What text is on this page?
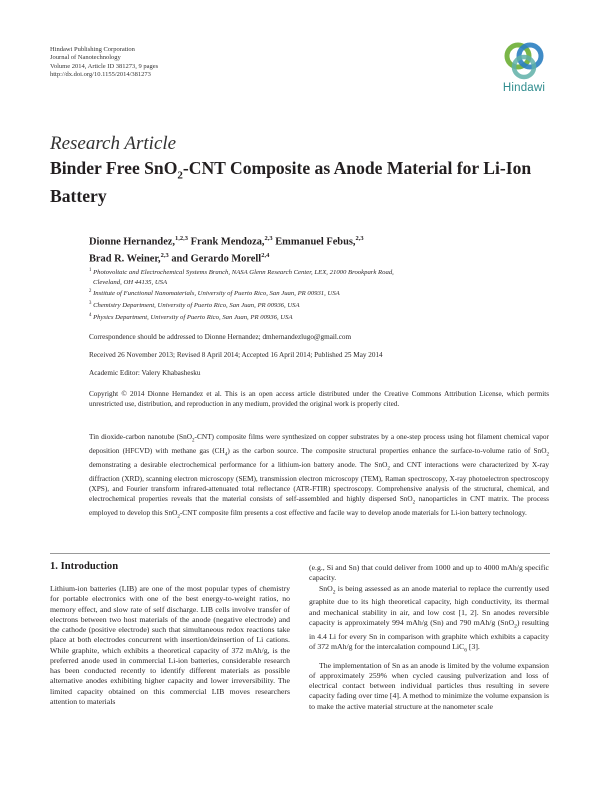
Hindawi Publishing Corporation
Journal of Nanotechnology
Volume 2014, Article ID 381273, 9 pages
http://dx.doi.org/10.1155/2014/381273
Hindawi
Research Article
Binder Free SnO$_2$-CNT Composite as Anode Material for Li-Ion Battery
Dionne Hernandez,$^{1,2,3}$ Frank Mendoza,$^{2,3}$ Emmanuel Febus,$^{2,3}$
Brad R. Weiner,$^{2,3}$ and Gerardo Morell$^{2,4}$
$^1$ Photovoltaic and Electrochemical Systems Branch, NASA Glenn Research Center, LEX, 21000 Brookpark Road,
Cleveland, OH 44135, USA
$^2$ Institute of Functional Nanomaterials, University of Puerto Rico, San Juan, PR 00931, USA
$^3$ Chemistry Department, University of Puerto Rico, San Juan, PR 00936, USA
$^4$ Physics Department, University of Puerto Rico, San Juan, PR 00936, USA
Correspondence should be addressed to Dionne Hernandez; dmhernandezlugo@gmail.com
Received 26 November 2013; Revised 8 April 2014; Accepted 16 April 2014; Published 25 May 2014
Academic Editor: Valery Khabashesku
Copyright © 2014 Dionne Hernandez et al. This is an open access article distributed under the Creative Commons Attribution License, which permits unrestricted use, distribution, and reproduction in any medium, provided the original work is properly cited.
Tin dioxide-carbon nanotube (SnO$_2$-CNT) composite films were synthesized on copper substrates by a one-step process using hot filament chemical vapor deposition (HFCVD) with methane gas $(CH_4)$ as the carbon source. The composite structural properties enhance the surface-to-volume ratio of SnO$_2$ demonstrating a desirable electrochemical performance for a lithium-ion battery anode. The SnO$_2$ and CNT interactions were characterized by X-ray diffraction (XRD), scanning electron microscopy (SEM), transmission electron microscopy (TEM), Raman spectroscopy, X-ray photoelectron spectroscopy (XPS), and Fourier transform infrared-attenuated total reflectance (ATR-FTIR) spectroscopy. Comprehensive analysis of the structural, chemical, and electrochemical properties reveals that the material consists of self-assembled and highly dispersed SnO$_2$ nanoparticles in CNT matrix. The process employed to develop this SnO$_2$-CNT composite film presents a cost effective and facile way to develop anode materials for Li-ion battery technology.
1. Introduction

Lithium-ion batteries (LIB) are one of the most popular types of chemistry for portable electronics with one of the best energy-to-weight ratios, no memory effect, and slow rate of self discharge. LIB cells involve transfer of electrons between two host materials of the anode (negative electrode) and the cathode (positive electrode) such that simultaneous redox reactions take place at both electrodes concurrent with insertion/deinsertion of Li cations. While graphite, which exhibits a theoretical capacity of 372 mAh/g, is the preferred anode used in commercial Li-ion batteries, considerable research has been conducted recently to identify different materials as possible alternative anodes exhibiting higher capacity and lower irreversibility. The limited capacity obtained on this commercial LIB moves researchers attention to materials

(e.g., Si and Sn) that could deliver from 1000 and up to 4000 mAh/g specific capacity.

SnO$_2$ is being assessed as an anode material to replace the currently used graphite due to its high theoretical capacity, high conductivity, its thermal and mechanical stability in air, and low cost [1, 2]. Sn anodes reversible capacity is approximately 994 mAh/g (Sn) and 790 mAh/g (SnO$_2$) resulting in 4.4 Li for every Sn in comparison with graphite which exhibits a capacity of 372 mAh/g for the intercalation compound LiC$_6$ [3].

The implementation of Sn as an anode is limited by the volume expansion of approximately 259% when cycled causing pulverization and loss of electrical contact between individual particles thus resulting in severe capacity fading over time [4]. A method to minimize the volume expansion is to make the active material structure at the nanometer scale
